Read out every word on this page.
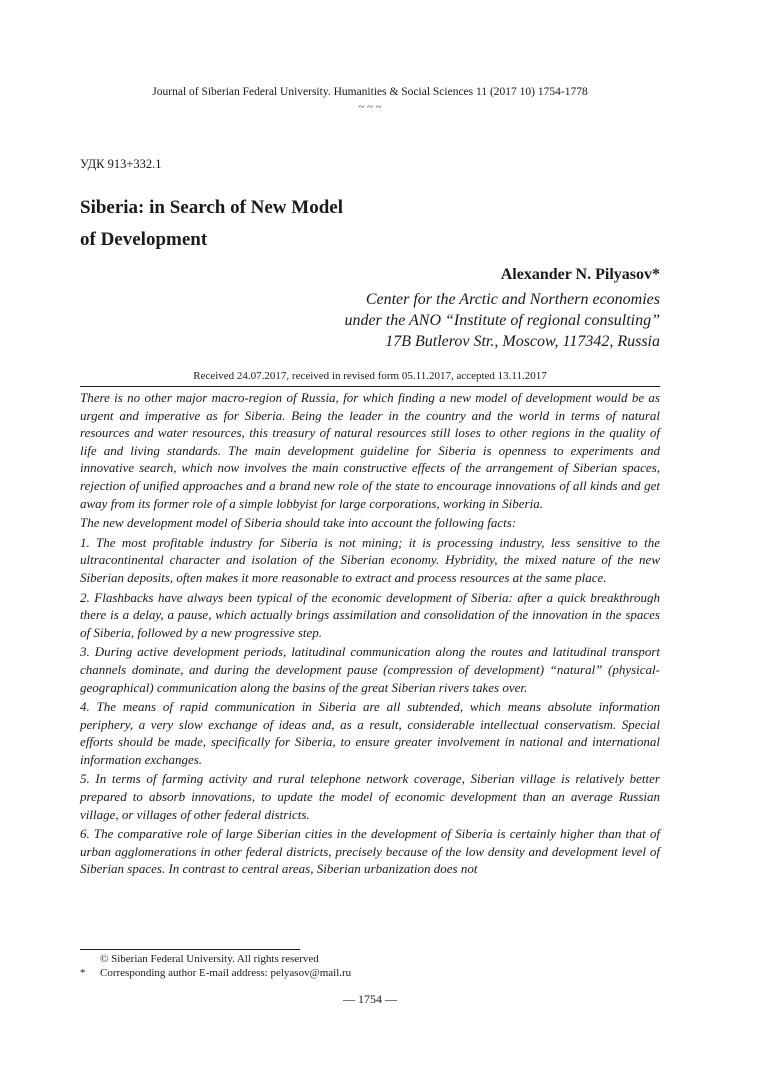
Journal of Siberian Federal University. Humanities & Social Sciences 11 (2017 10) 1754-1778
~ ~ ~
УДК 913+332.1
Siberia: in Search of New Model
of Development
Alexander N. Pilyasov*
Center for the Arctic and Northern economies
under the ANO “Institute of regional consulting”
17B Butlerov Str., Moscow, 117342, Russia
Received 24.07.2017, received in revised form 05.11.2017, accepted 13.11.2017

There is no other major macro-region of Russia, for which finding a new model of development would be as urgent and imperative as for Siberia. Being the leader in the country and the world in terms of natural resources and water resources, this treasury of natural resources still loses to other regions in the quality of life and living standards. The main development guideline for Siberia is openness to experiments and innovative search, which now involves the main constructive effects of the arrangement of Siberian spaces, rejection of unified approaches and a brand new role of the state to encourage innovations of all kinds and get away from its former role of a simple lobbyist for large corporations, working in Siberia.

The new development model of Siberia should take into account the following facts:

1. The most profitable industry for Siberia is not mining; it is processing industry, less sensitive to the ultracontinental character and isolation of the Siberian economy. Hybridity, the mixed nature of the new Siberian deposits, often makes it more reasonable to extract and process resources at the same place.

2. Flashbacks have always been typical of the economic development of Siberia: after a quick breakthrough there is a delay, a pause, which actually brings assimilation and consolidation of the innovation in the spaces of Siberia, followed by a new progressive step.

3. During active development periods, latitudinal communication along the routes and latitudinal transport channels dominate, and during the development pause (compression of development) “natural” (physical-geographical) communication along the basins of the great Siberian rivers takes over.

4. The means of rapid communication in Siberia are all subtended, which means absolute information periphery, a very slow exchange of ideas and, as a result, considerable intellectual conservatism. Special efforts should be made, specifically for Siberia, to ensure greater involvement in national and international information exchanges.

5. In terms of farming activity and rural telephone network coverage, Siberian village is relatively better prepared to absorb innovations, to update the model of economic development than an average Russian village, or villages of other federal districts.

6. The comparative role of large Siberian cities in the development of Siberia is certainly higher than that of urban agglomerations in other federal districts, precisely because of the low density and development level of Siberian spaces. In contrast to central areas, Siberian urbanization does not

© Siberian Federal University. All rights reserved
* Corresponding author E-mail address: pelyasov@mail.ru
— 1754 —
